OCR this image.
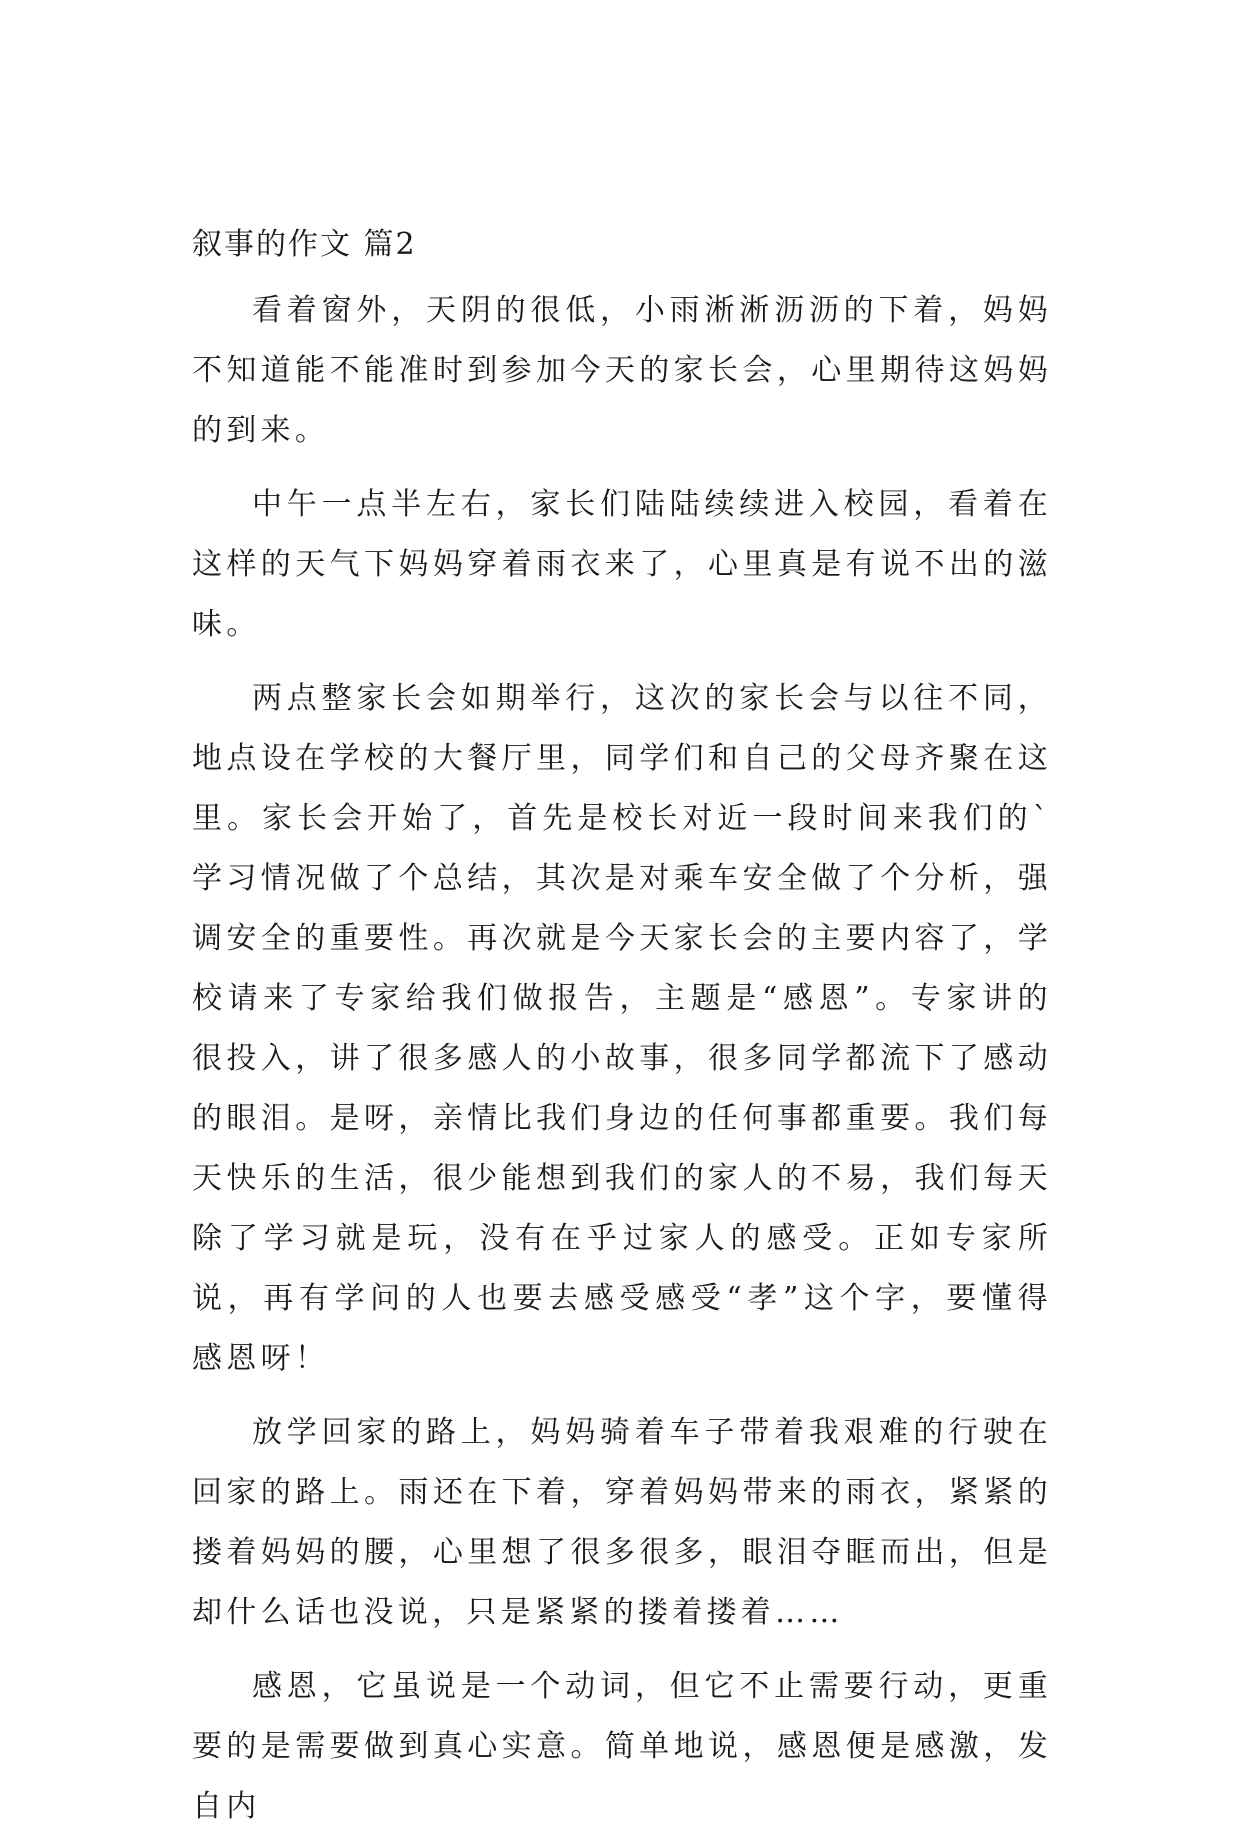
叙事的作文 篇2

看着窗外，天阴的很低，小雨淅淅沥沥的下着，妈妈不知道能不能准时到参加今天的家长会，心里期待这妈妈的到来。

中午一点半左右，家长们陆陆续续进入校园，看着在这样的天气下妈妈穿着雨衣来了，心里真是有说不出的滋味。

两点整家长会如期举行，这次的家长会与以往不同，地点设在学校的大餐厅里，同学们和自己的父母齐聚在这里。家长会开始了，首先是校长对近一段时间来我们的`学习情况做了个总结，其次是对乘车安全做了个分析，强调安全的重要性。再次就是今天家长会的主要内容了，学校请来了专家给我们做报告，主题是“感恩”。专家讲的很投入，讲了很多感人的小故事，很多同学都流下了感动的眼泪。是呀，亲情比我们身边的任何事都重要。我们每天快乐的生活，很少能想到我们的家人的不易，我们每天除了学习就是玩，没有在乎过家人的感受。正如专家所说，再有学问的人也要去感受感受“孝”这个字，要懂得感恩呀！

放学回家的路上，妈妈骑着车子带着我艰难的行驶在回家的路上。雨还在下着，穿着妈妈带来的雨衣，紧紧的搂着妈妈的腰，心里想了很多很多，眼泪夺眶而出，但是却什么话也没说，只是紧紧的搂着搂着……

感恩，它虽说是一个动词，但它不止需要行动，更重要的是需要做到真心实意。简单地说，感恩便是感激，发自内
